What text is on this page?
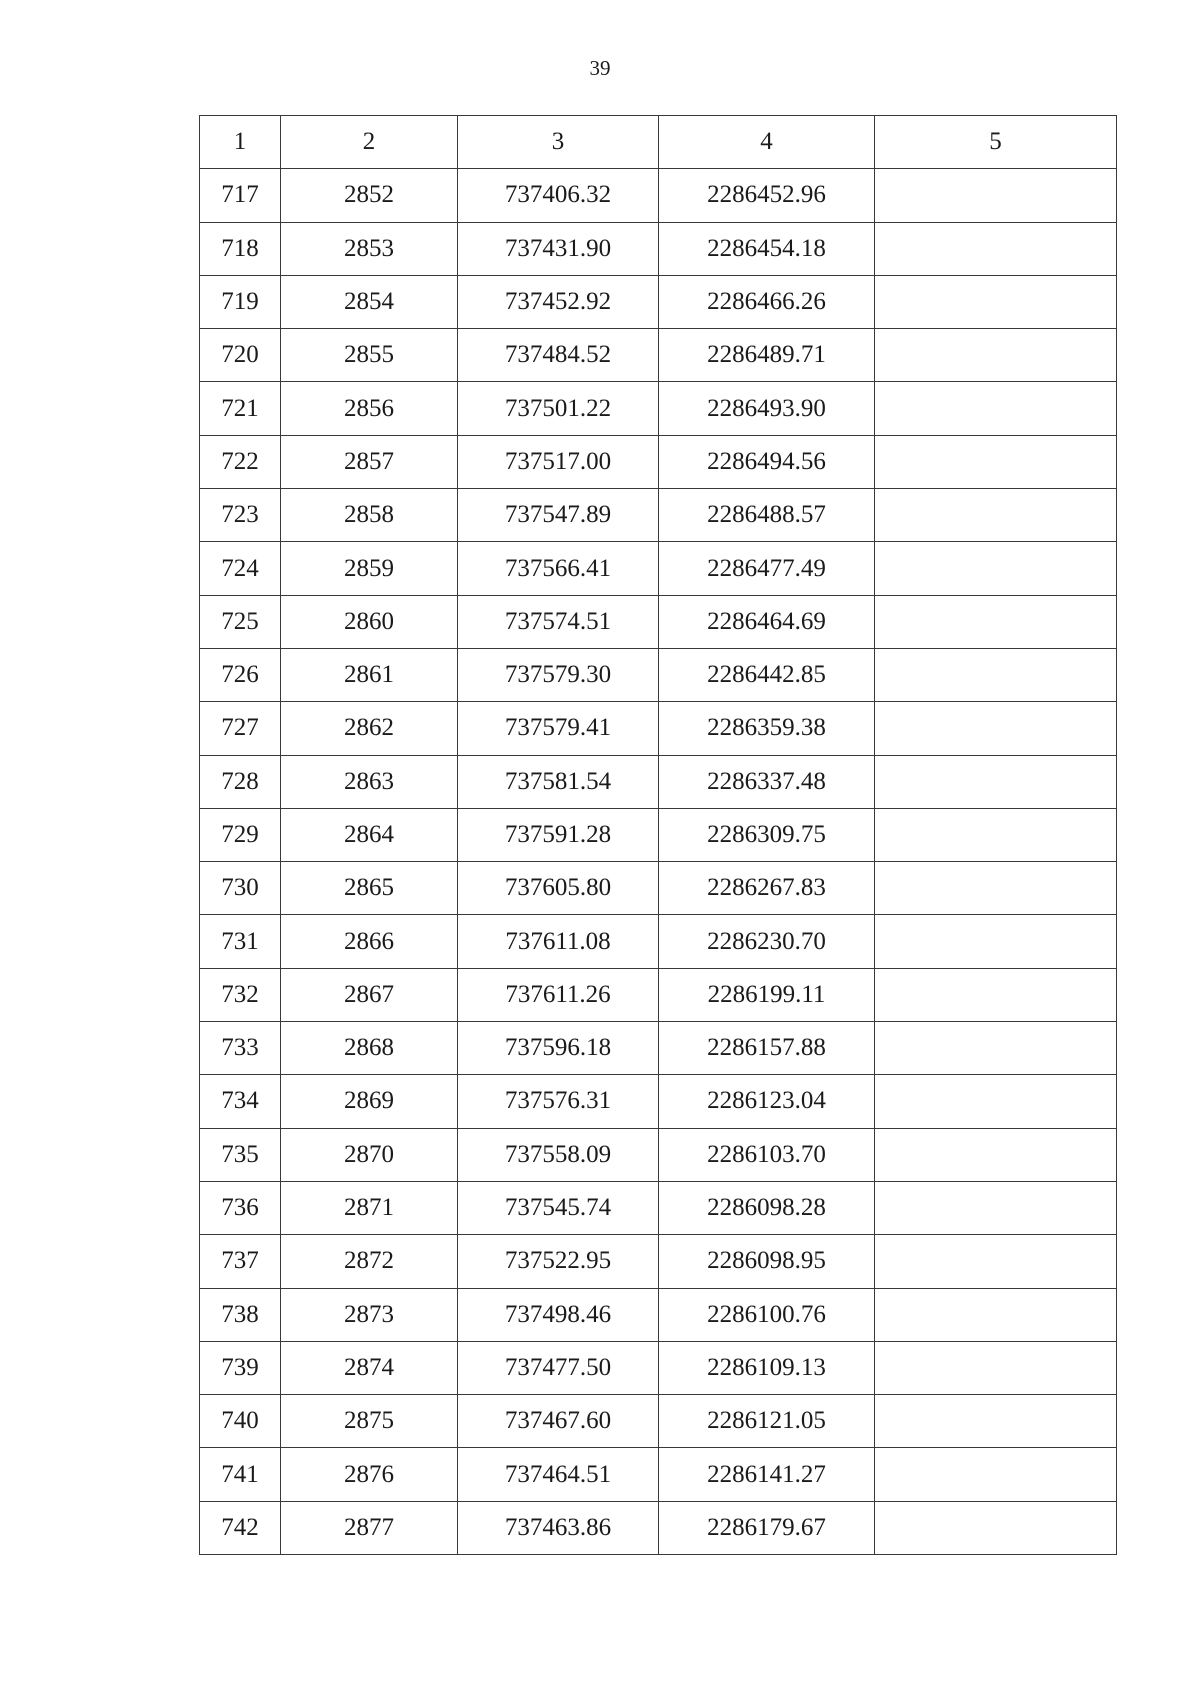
39
1	2	3	4	5
717	2852	737406.32	2286452.96	
718	2853	737431.90	2286454.18	
719	2854	737452.92	2286466.26	
720	2855	737484.52	2286489.71	
721	2856	737501.22	2286493.90	
722	2857	737517.00	2286494.56	
723	2858	737547.89	2286488.57	
724	2859	737566.41	2286477.49	
725	2860	737574.51	2286464.69	
726	2861	737579.30	2286442.85	
727	2862	737579.41	2286359.38	
728	2863	737581.54	2286337.48	
729	2864	737591.28	2286309.75	
730	2865	737605.80	2286267.83	
731	2866	737611.08	2286230.70	
732	2867	737611.26	2286199.11	
733	2868	737596.18	2286157.88	
734	2869	737576.31	2286123.04	
735	2870	737558.09	2286103.70	
736	2871	737545.74	2286098.28	
737	2872	737522.95	2286098.95	
738	2873	737498.46	2286100.76	
739	2874	737477.50	2286109.13	
740	2875	737467.60	2286121.05	
741	2876	737464.51	2286141.27	
742	2877	737463.86	2286179.67	
